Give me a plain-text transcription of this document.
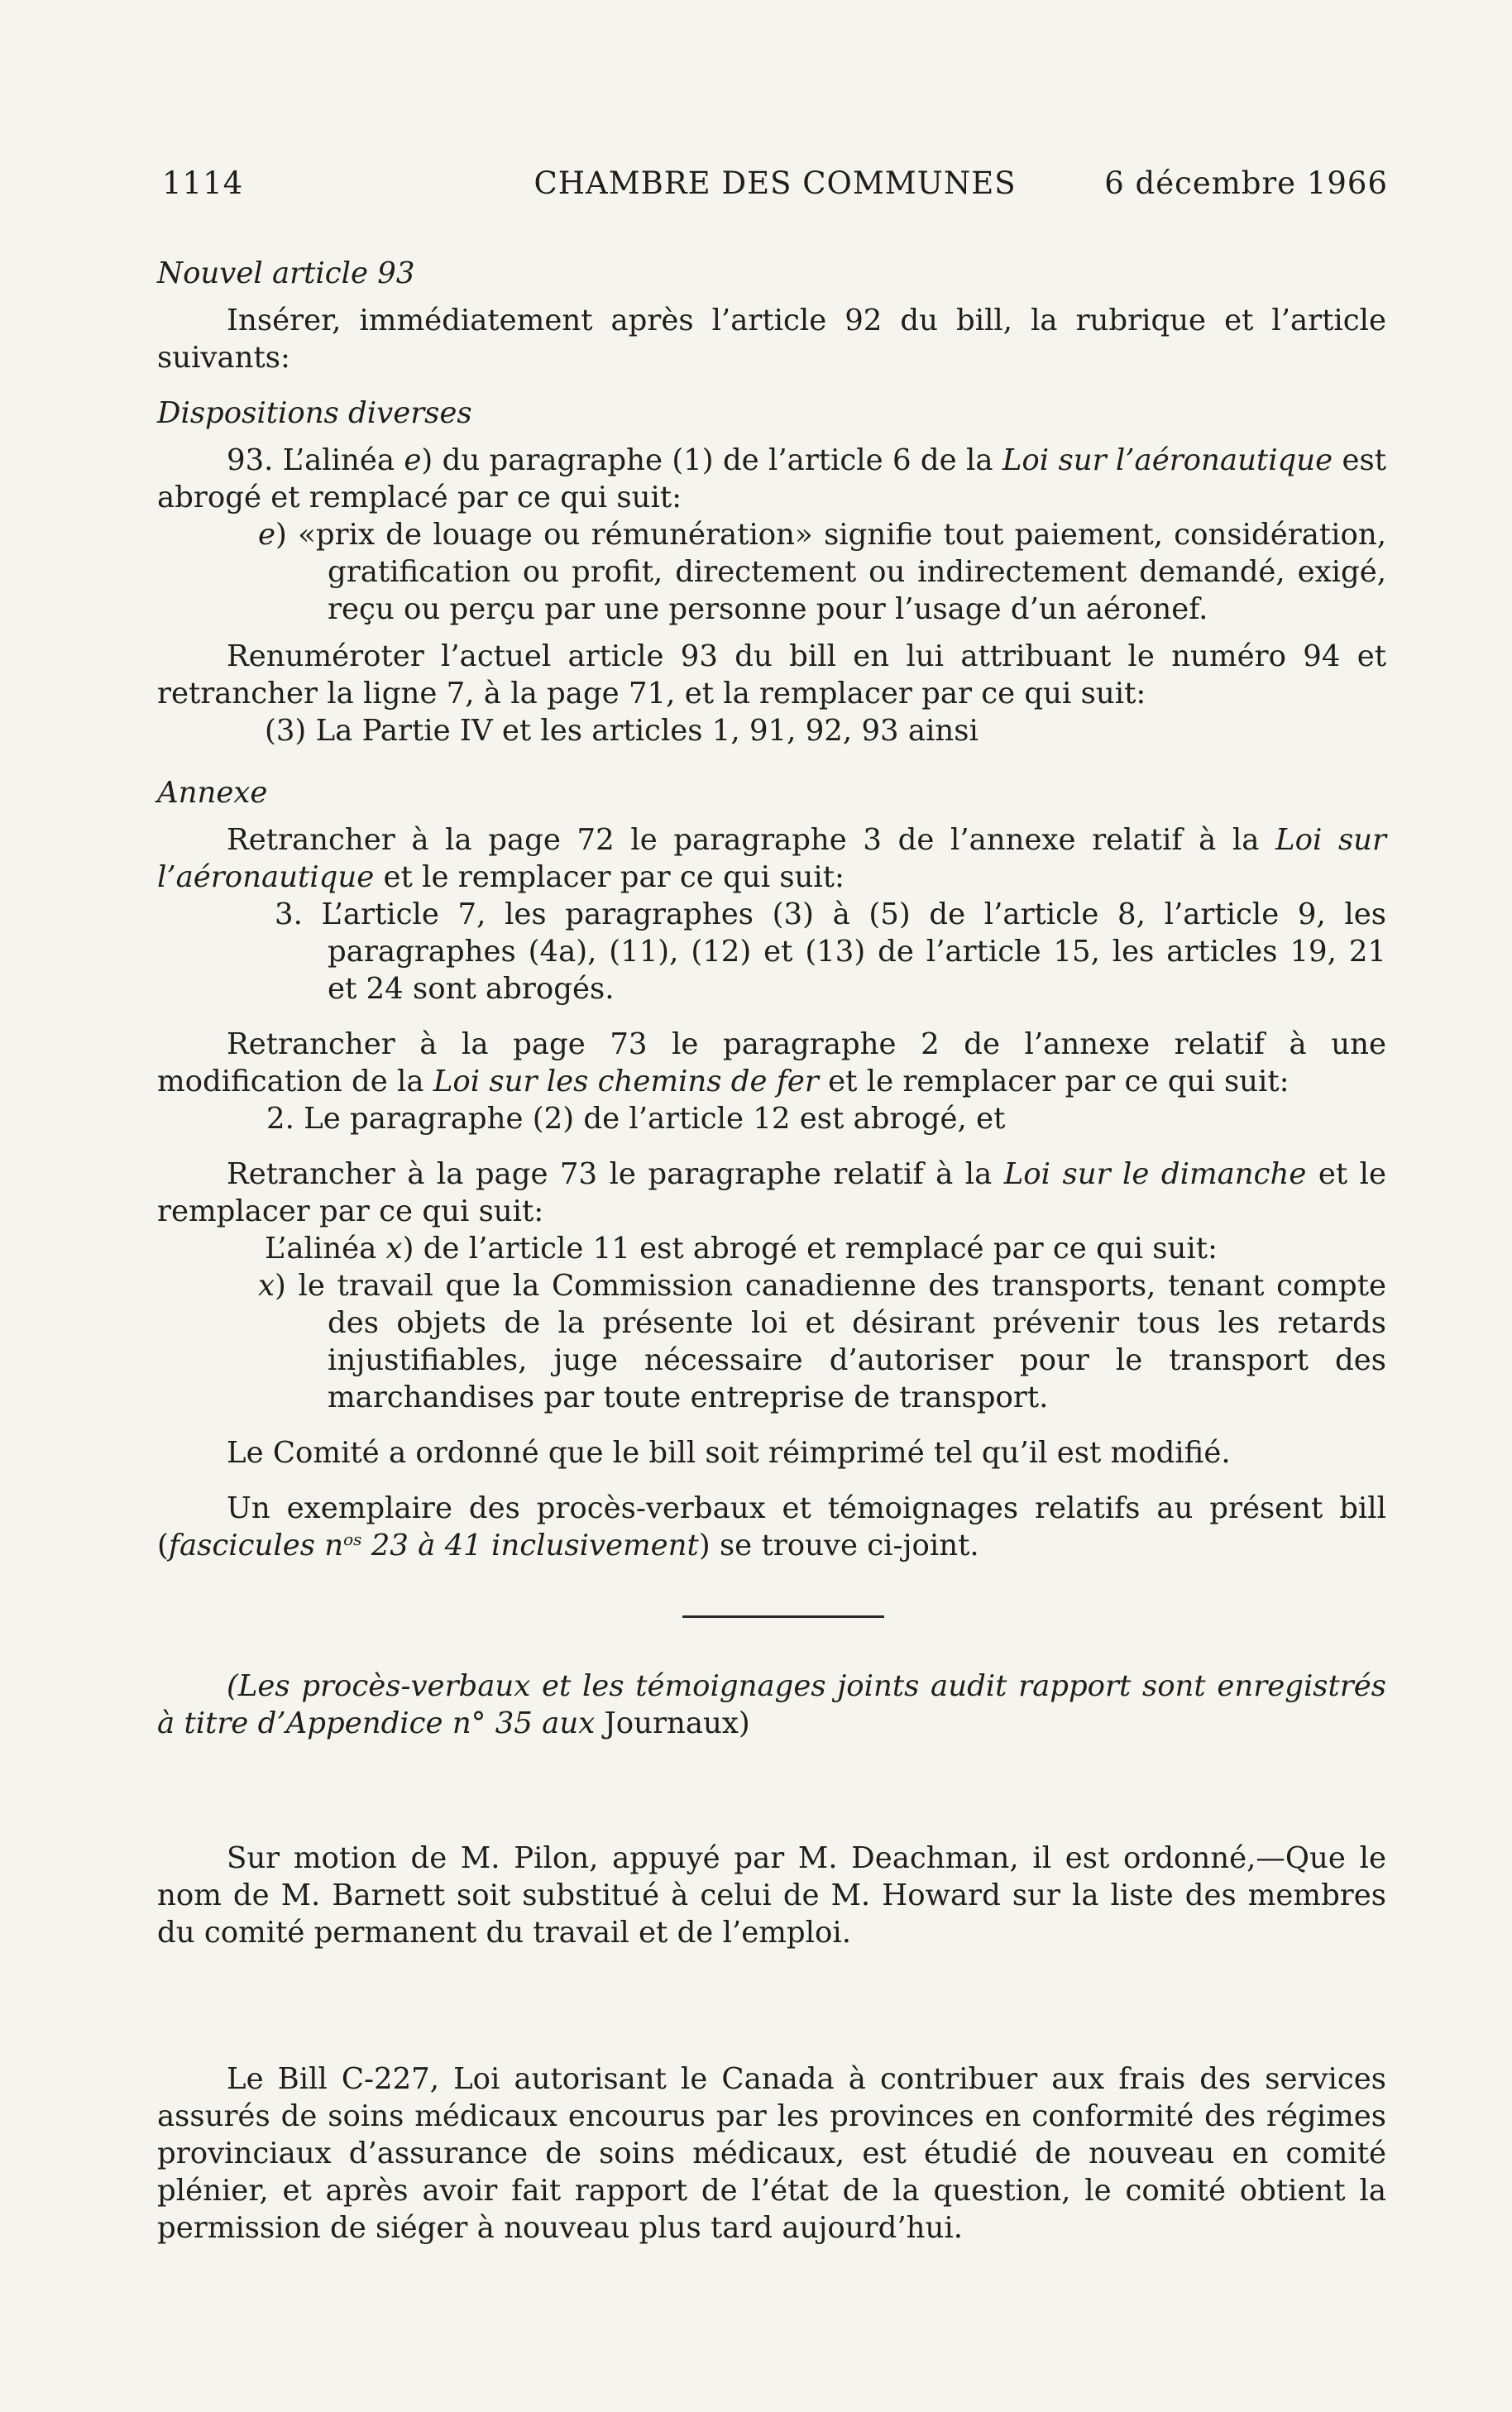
1114	CHAMBRE DES COMMUNES	6 décembre 1966

Nouvel article 93

Insérer, immédiatement après l’article 92 du bill, la rubrique et l’article suivants:

Dispositions diverses

93. L’alinéa e) du paragraphe (1) de l’article 6 de la Loi sur l’aéronautique est abrogé et remplacé par ce qui suit:

e) «prix de louage ou rémunération» signifie tout paiement, considération, gratification ou profit, directement ou indirectement demandé, exigé, reçu ou perçu par une personne pour l’usage d’un aéronef.

Renuméroter l’actuel article 93 du bill en lui attribuant le numéro 94 et retrancher la ligne 7, à la page 71, et la remplacer par ce qui suit:

(3) La Partie IV et les articles 1, 91, 92, 93 ainsi

Annexe

Retrancher à la page 72 le paragraphe 3 de l’annexe relatif à la Loi sur l’aéronautique et le remplacer par ce qui suit:

3. L’article 7, les paragraphes (3) à (5) de l’article 8, l’article 9, les paragraphes (4a), (11), (12) et (13) de l’article 15, les articles 19, 21 et 24 sont abrogés.

Retrancher à la page 73 le paragraphe 2 de l’annexe relatif à une modification de la Loi sur les chemins de fer et le remplacer par ce qui suit:

2. Le paragraphe (2) de l’article 12 est abrogé, et

Retrancher à la page 73 le paragraphe relatif à la Loi sur le dimanche et le remplacer par ce qui suit:

L’alinéa x) de l’article 11 est abrogé et remplacé par ce qui suit:

x) le travail que la Commission canadienne des transports, tenant compte des objets de la présente loi et désirant prévenir tous les retards injustifiables, juge nécessaire d’autoriser pour le transport des marchandises par toute entreprise de transport.

Le Comité a ordonné que le bill soit réimprimé tel qu’il est modifié.

Un exemplaire des procès-verbaux et témoignages relatifs au présent bill (fascicules $n^{os}$ 23 à 41 inclusivement) se trouve ci-joint.

(Les procès-verbaux et les témoignages joints audit rapport sont enregistrés à titre d’Appendice n° 35 aux Journaux)

Sur motion de M. Pilon, appuyé par M. Deachman, il est ordonné,—Que le nom de M. Barnett soit substitué à celui de M. Howard sur la liste des membres du comité permanent du travail et de l’emploi.

Le Bill C-227, Loi autorisant le Canada à contribuer aux frais des services assurés de soins médicaux encourus par les provinces en conformité des régimes provinciaux d’assurance de soins médicaux, est étudié de nouveau en comité plénier, et après avoir fait rapport de l’état de la question, le comité obtient la permission de siéger à nouveau plus tard aujourd’hui.
